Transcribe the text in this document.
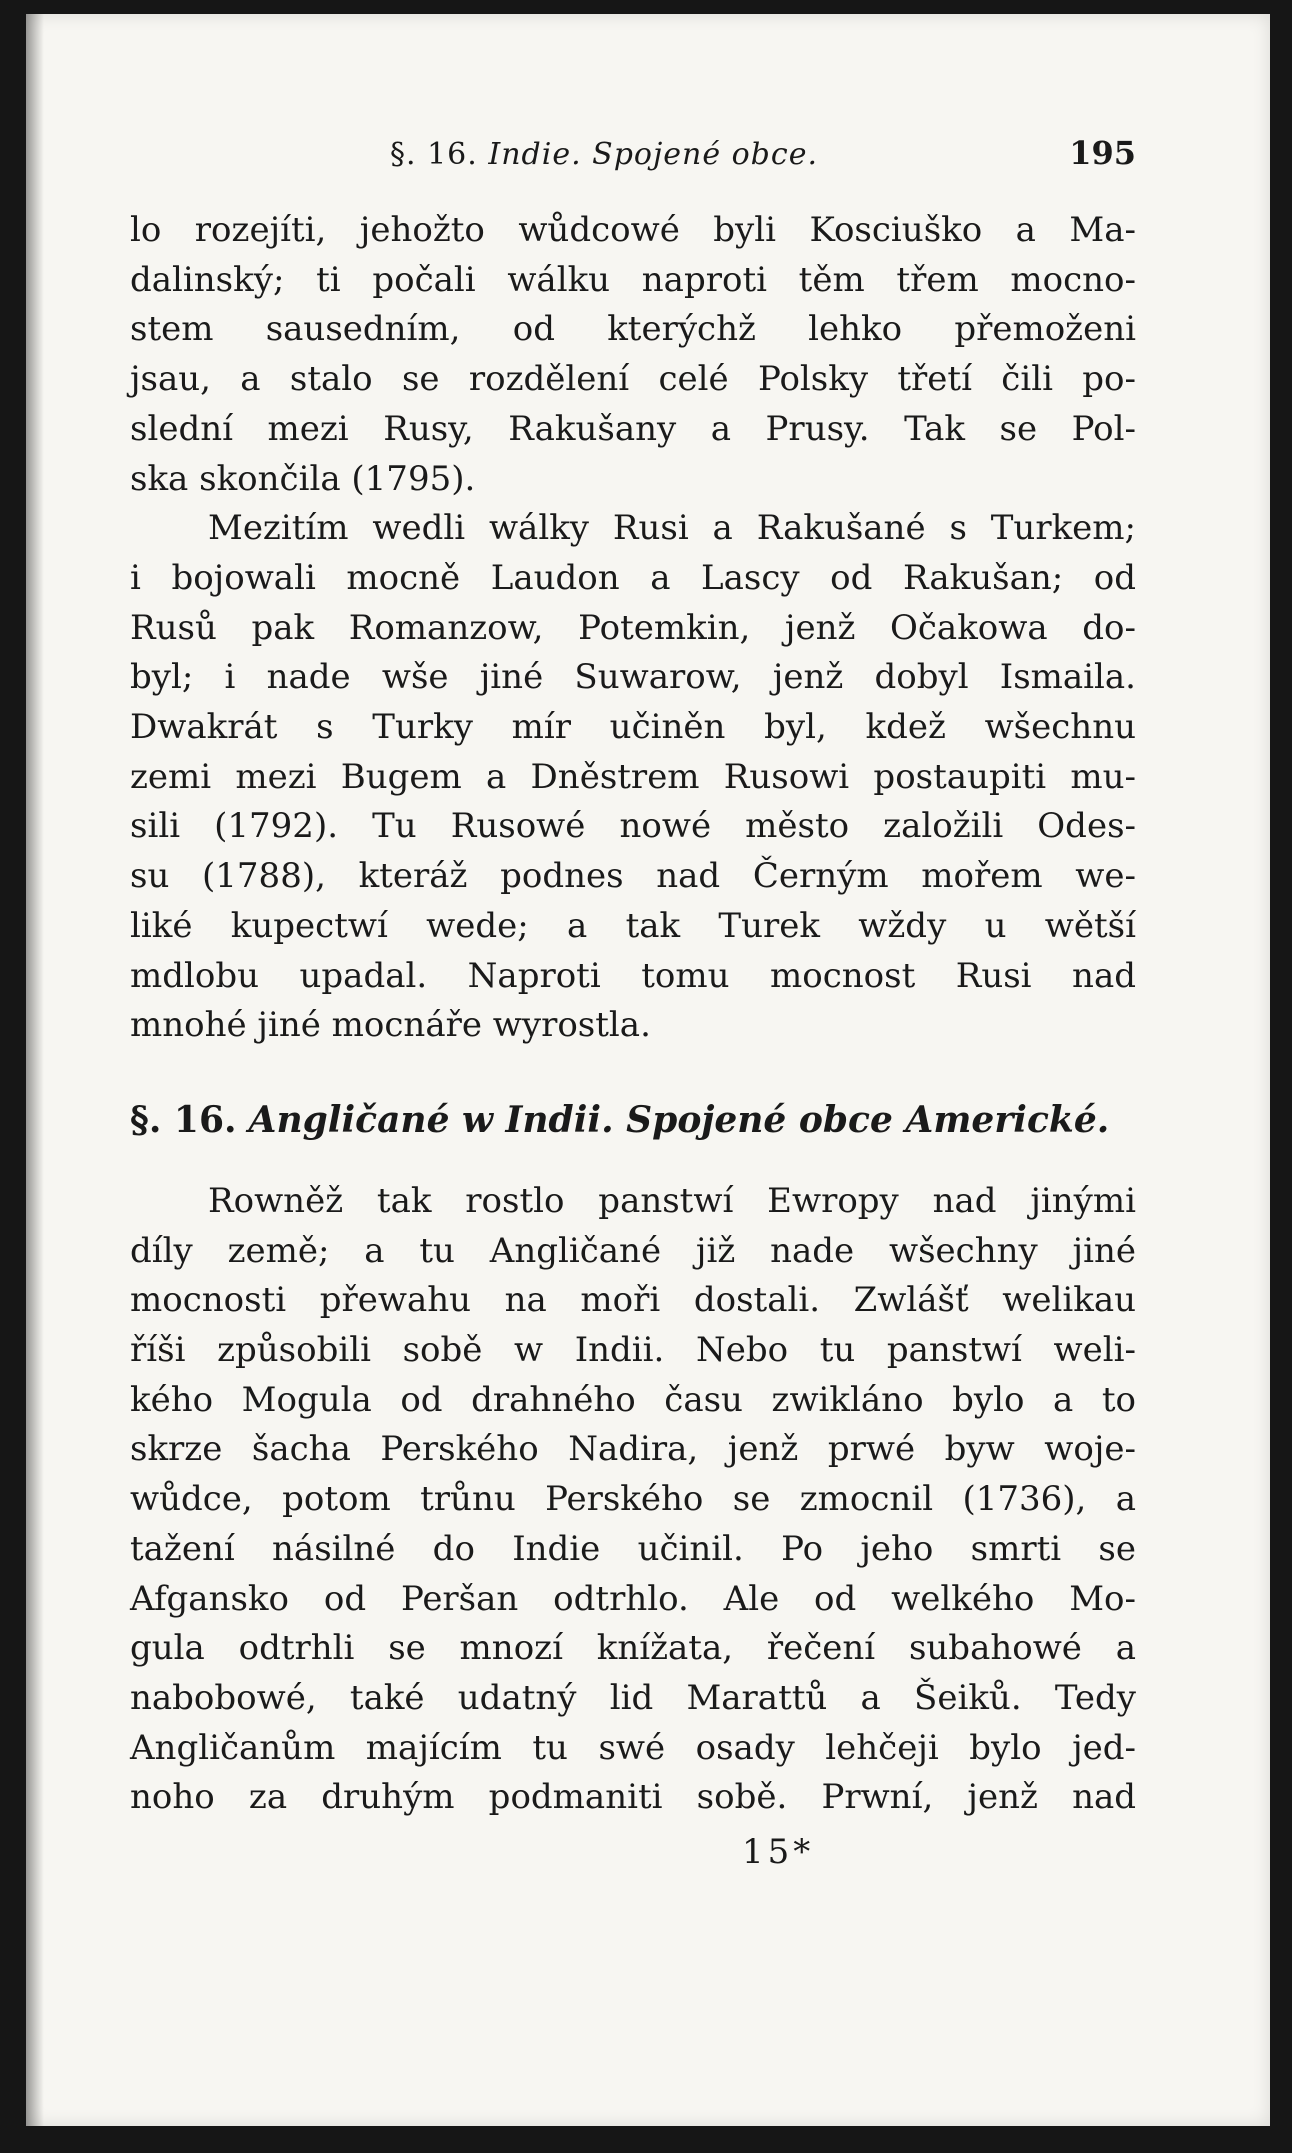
§. 16. Indie. Spojené obce.	195
lo rozejíti, jehožto wůdcowé byli Kosciuško a Ma-
dalinský; ti počali wálku naproti těm třem mocno-
stem sausedním, od kterýchž lehko přemoženi
jsau, a stalo se rozdělení celé Polsky třetí čili po-
slední mezi Rusy, Rakušany a Prusy. Tak se Pol-
ska skončila (1795).
Mezitím wedli wálky Rusi a Rakušané s Turkem;
i bojowali mocně Laudon a Lascy od Rakušan; od
Rusů pak Romanzow, Potemkin, jenž Očakowa do-
byl; i nade wše jiné Suwarow, jenž dobyl Ismaila.
Dwakrát s Turky mír učiněn byl, kdež wšechnu
zemi mezi Bugem a Dněstrem Rusowi postaupiti mu-
sili (1792). Tu Rusowé nowé město založili Odes-
su (1788), kteráž podnes nad Černým mořem we-
liké kupectwí wede; a tak Turek wždy u wětší
mdlobu upadal. Naproti tomu mocnost Rusi nad
mnohé jiné mocnáře wyrostla.
§. 16. Angličané w Indii. Spojené obce Americké.
Rowněž tak rostlo panstwí Ewropy nad jinými
díly země; a tu Angličané již nade wšechny jiné
mocnosti přewahu na moři dostali. Zwlášť welikau
říši způsobili sobě w Indii. Nebo tu panstwí weli-
kého Mogula od drahného času zwikláno bylo a to
skrze šacha Perského Nadira, jenž prwé byw woje-
wůdce, potom trůnu Perského se zmocnil (1736), a
tažení násilné do Indie učinil. Po jeho smrti se
Afgansko od Peršan odtrhlo. Ale od welkého Mo-
gula odtrhli se mnozí knížata, řečení subahowé a
nabobowé, také udatný lid Marattů a Šeiků. Tedy
Angličanům majícím tu swé osady lehčeji bylo jed-
noho za druhým podmaniti sobě. Prwní, jenž nad
15*
